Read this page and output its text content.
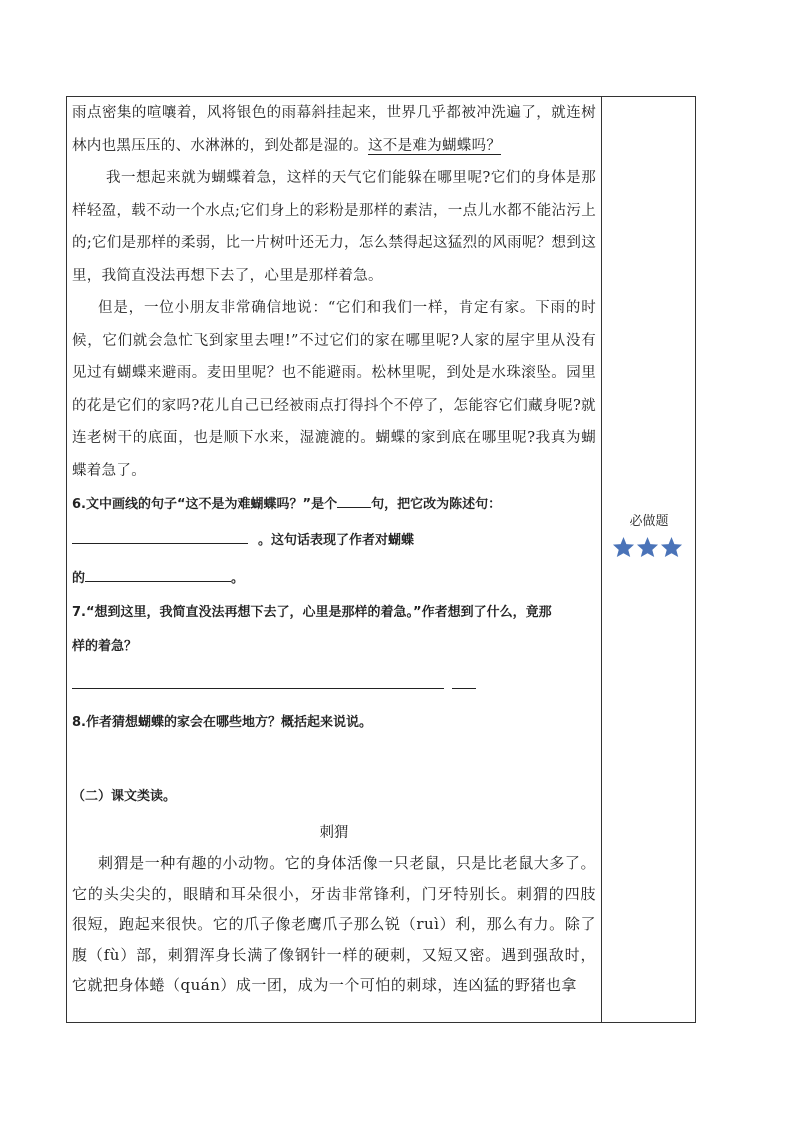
雨点密集的喧嚷着，风将银色的雨幕斜挂起来，世界几乎都被冲洗遍了，就连树林内也黑压压的、水淋淋的，到处都是湿的。这不是难为蝴蝶吗？

我一想起来就为蝴蝶着急，这样的天气它们能躲在哪里呢?它们的身体是那样轻盈，载不动一个水点;它们身上的彩粉是那样的素洁，一点儿水都不能沾污上的;它们是那样的柔弱，比一片树叶还无力，怎么禁得起这猛烈的风雨呢？想到这里，我简直没法再想下去了，心里是那样着急。

但是，一位小朋友非常确信地说：“它们和我们一样，肯定有家。下雨的时候，它们就会急忙飞到家里去哩!”不过它们的家在哪里呢?人家的屋宇里从没有见过有蝴蝶来避雨。麦田里呢？也不能避雨。松林里呢，到处是水珠滚坠。园里的花是它们的家吗?花儿自己已经被雨点打得抖个不停了，怎能容它们藏身呢?就连老树干的底面，也是顺下水来，湿漉漉的。蝴蝶的家到底在哪里呢?我真为蝴蝶着急了。

6.文中画线的句子“这不是为难蝴蝶吗？”是个	句，把它改为陈述句：

。这句话表现了作者对蝴蝶

的	。

7.“想到这里，我简直没法再想下去了，心里是那样的着急。”作者想到了什么，竟那

样的着急？

8.作者猜想蝴蝶的家会在哪些地方？概括起来说说。

（二）课文类读。

刺猬

刺猬是一种有趣的小动物。它的身体活像一只老鼠，只是比老鼠大多了。它的头尖尖的，眼睛和耳朵很小，牙齿非常锋利，门牙特别长。刺猬的四肢很短，跑起来很快。它的爪子像老鹰爪子那么锐（ruì）利，那么有力。除了腹（fù）部，刺猬浑身长满了像钢针一样的硬刺，又短又密。遇到强敌时，它就把身体蜷（quán）成一团，成为一个可怕的刺球，连凶猛的野猪也拿

必做题
